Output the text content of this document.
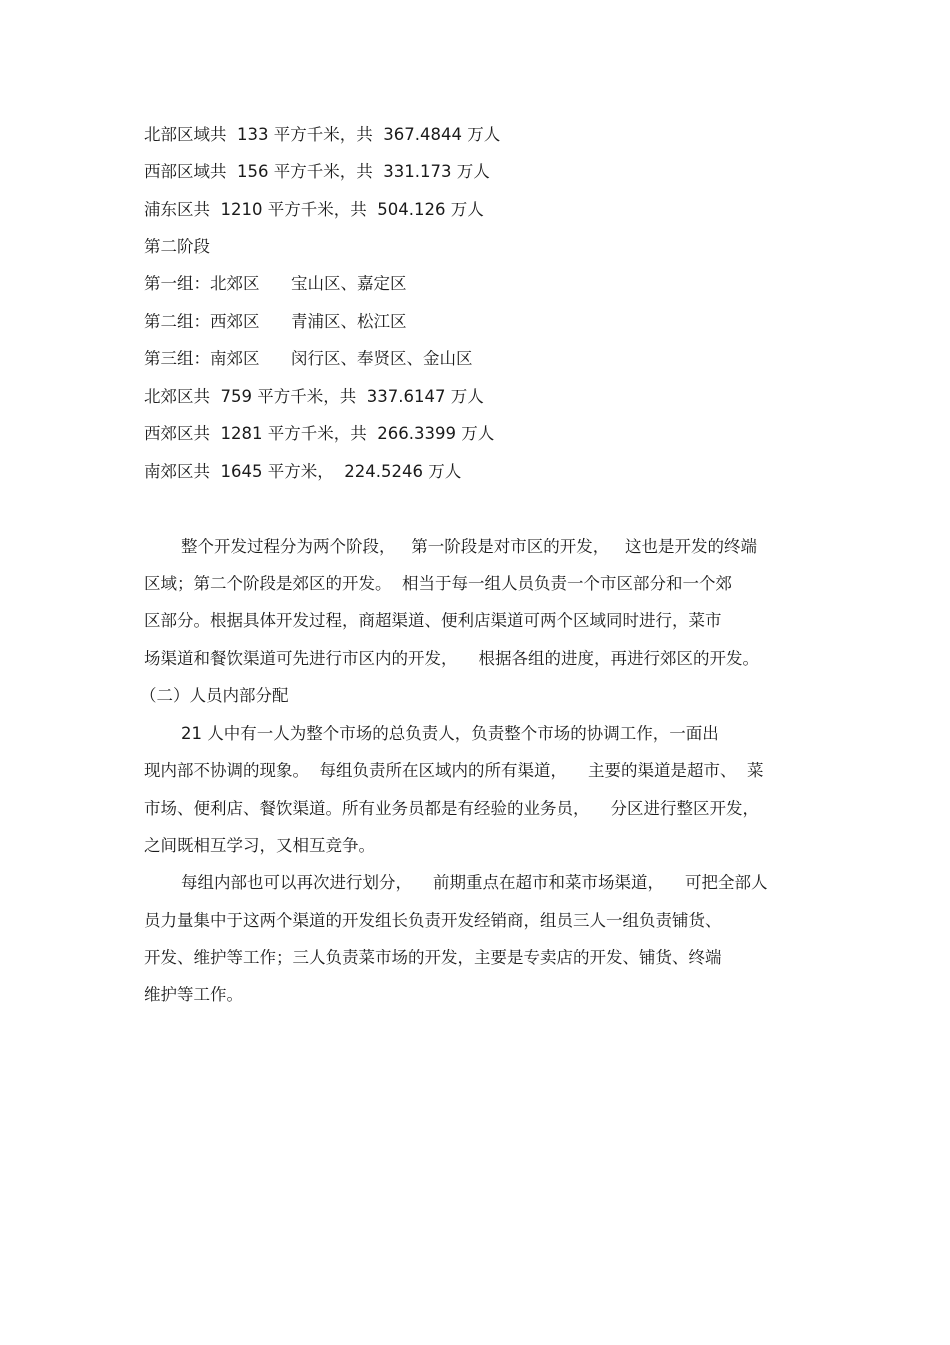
北部区域共  133 平方千米，共  367.4844 万人
西部区域共  156 平方千米，共  331.173 万人
浦东区共  1210 平方千米，共  504.126 万人
第二阶段
第一组：北郊区      宝山区、嘉定区
第二组：西郊区      青浦区、松江区
第三组：南郊区      闵行区、奉贤区、金山区
北郊区共  759 平方千米，共  337.6147 万人
西郊区共  1281 平方千米，共  266.3399 万人
南郊区共  1645 平方米，  224.5246 万人
整个开发过程分为两个阶段，   第一阶段是对市区的开发，   这也是开发的终端
区域；第二个阶段是郊区的开发。  相当于每一组人员负责一个市区部分和一个郊
区部分。根据具体开发过程，商超渠道、便利店渠道可两个区域同时进行，菜市
场渠道和餐饮渠道可先进行市区内的开发，    根据各组的进度，再进行郊区的开发。
（二）人员内部分配
21 人中有一人为整个市场的总负责人，负责整个市场的协调工作，一面出
现内部不协调的现象。  每组负责所在区域内的所有渠道，    主要的渠道是超市、  菜
市场、便利店、餐饮渠道。所有业务员都是有经验的业务员，    分区进行整区开发，
之间既相互学习，又相互竞争。
每组内部也可以再次进行划分，    前期重点在超市和菜市场渠道，    可把全部人
员力量集中于这两个渠道的开发组长负责开发经销商，组员三人一组负责铺货、
开发、维护等工作；三人负责菜市场的开发，主要是专卖店的开发、铺货、终端
维护等工作。
